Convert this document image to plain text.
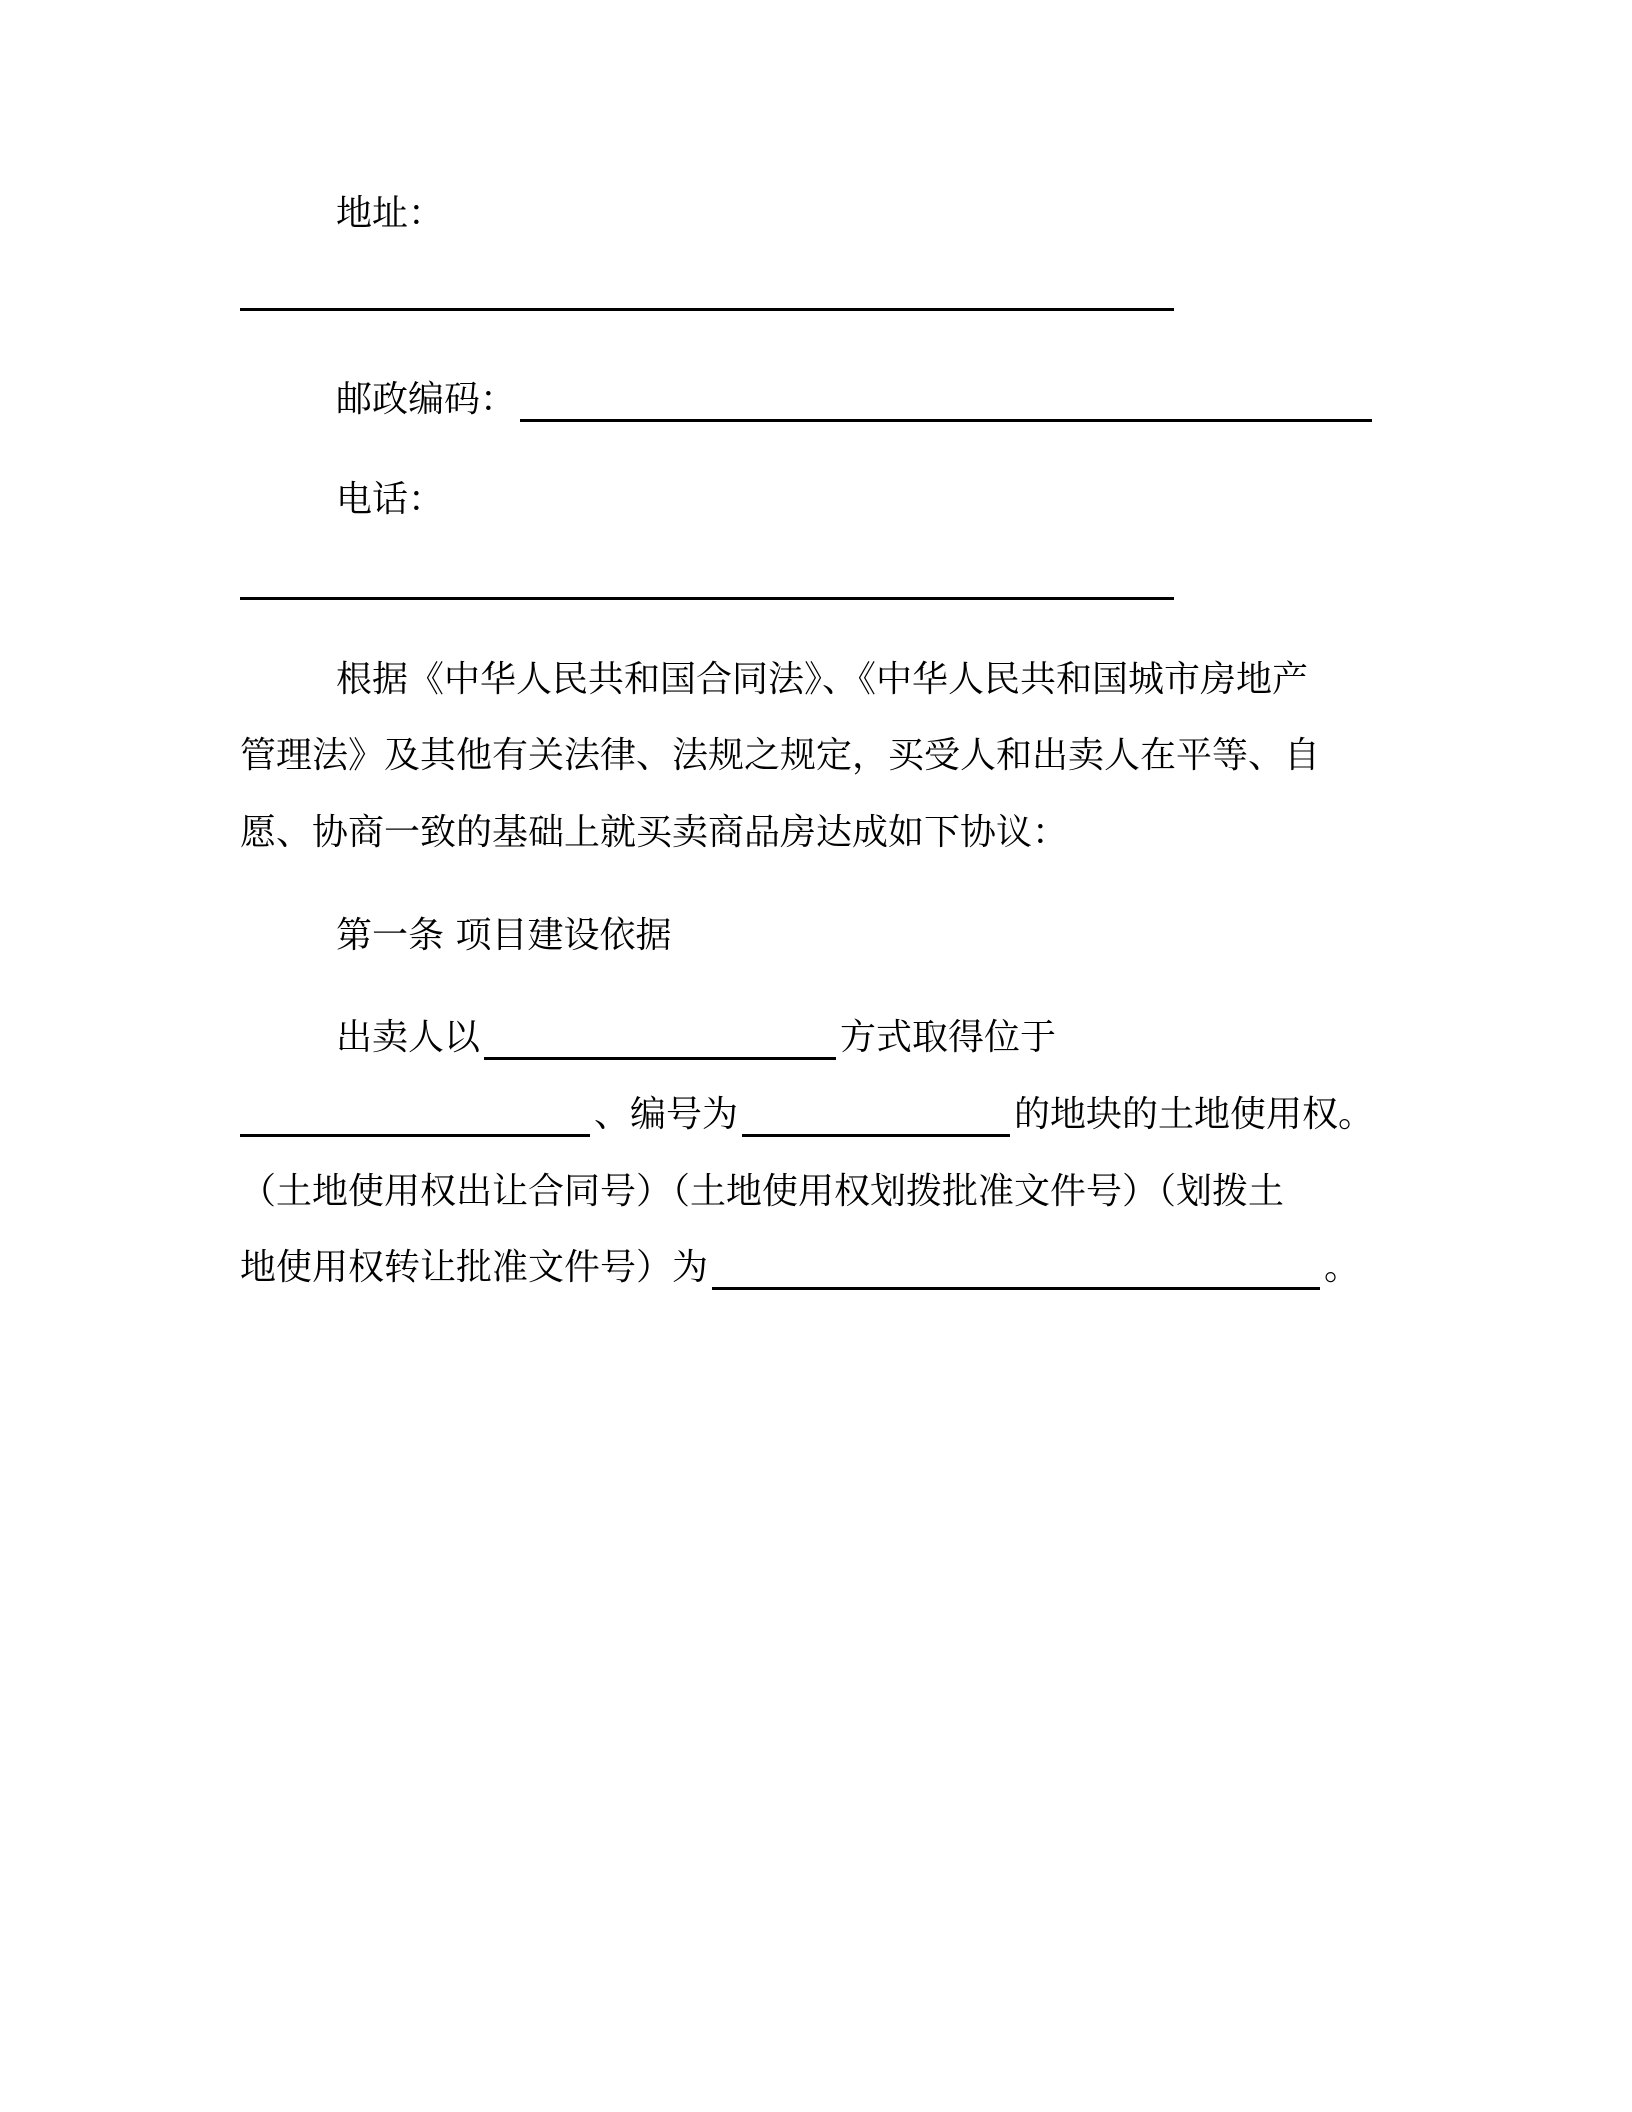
地址：
邮政编码：
电话：
根据《中华人民共和国合同法》、《中华人民共和国城市房地产
管理法》及其他有关法律、法规之规定，买受人和出卖人在平等、自
愿、协商一致的基础上就买卖商品房达成如下协议：
第一条 项目建设依据
出卖人以	方式取得位于
、编号为	的地块的土地使用权。
（土地使用权出让合同号）（土地使用权划拨批准文件号）（划拨土
地使用权转让批准文件号）为	。
